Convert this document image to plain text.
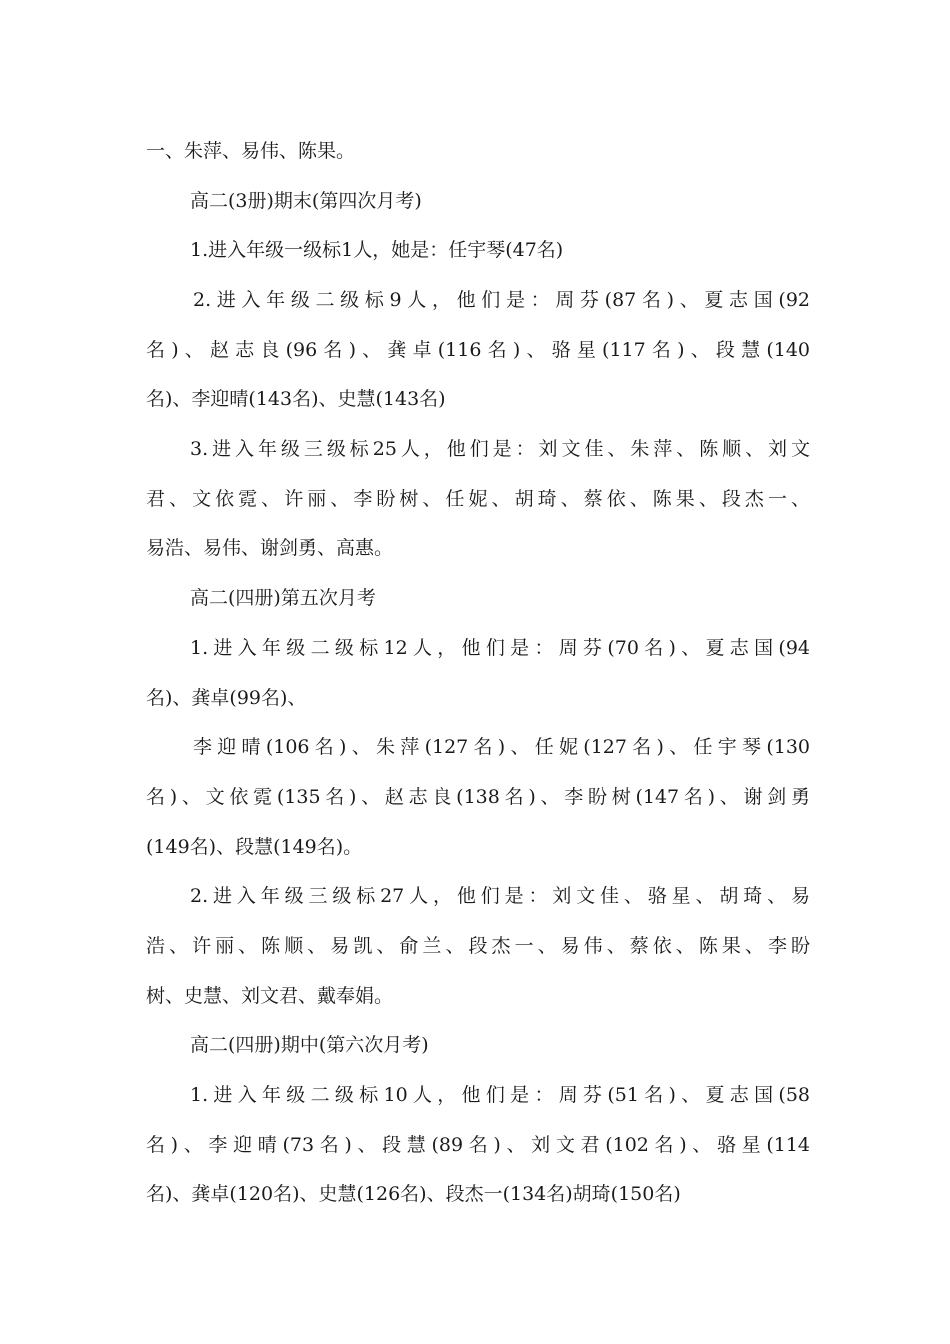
一、朱萍、易伟、陈果。
高二(3册)期末(第四次月考)
1.进入年级一级标1人，她是：任宇琴(47名)
2.进入年级二级标9人，他们是：周芬(87名)、夏志国(92
名)、赵志良(96名)、龚卓(116名)、骆星(117名)、段慧(140
名)、李迎晴(143名)、史慧(143名)
3.进入年级三级标25人，他们是：刘文佳、朱萍、陈顺、刘文
君、文依霓、许丽、李盼树、任妮、胡琦、蔡依、陈果、段杰一、
易浩、易伟、谢剑勇、高惠。
高二(四册)第五次月考
1.进入年级二级标12人，他们是：周芬(70名)、夏志国(94
名)、龚卓(99名)、
李迎晴(106名)、朱萍(127名)、任妮(127名)、任宇琴(130
名)、文依霓(135名)、赵志良(138名)、李盼树(147名)、谢剑勇
(149名)、段慧(149名)。
2.进入年级三级标27人，他们是：刘文佳、骆星、胡琦、易
浩、许丽、陈顺、易凯、俞兰、段杰一、易伟、蔡依、陈果、李盼
树、史慧、刘文君、戴奉娟。
高二(四册)期中(第六次月考)
1.进入年级二级标10人，他们是：周芬(51名)、夏志国(58
名)、李迎晴(73名)、段慧(89名)、刘文君(102名)、骆星(114
名)、龚卓(120名)、史慧(126名)、段杰一(134名)胡琦(150名)
